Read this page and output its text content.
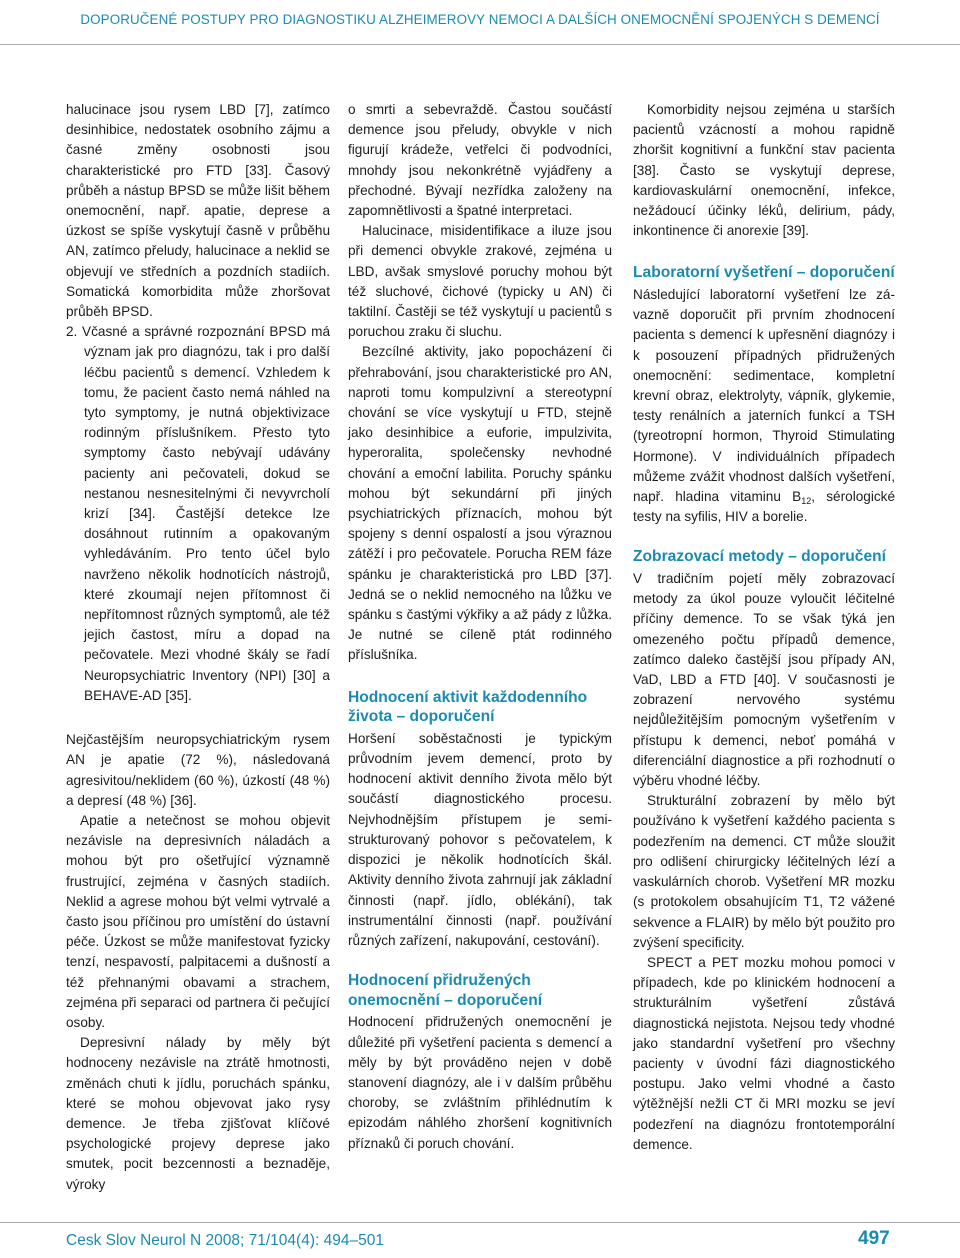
DOPORUČENÉ POSTUPY PRO DIAGNOSTIKU ALZHEIMEROVY NEMOCI A DALŠÍCH ONEMOCNĚNÍ SPOJENÝCH S DEMENCÍ

halucinace jsou rysem LBD [7], zatímco desinhibice, nedostatek osobního zájmu a časné změny osobnosti jsou charakteristické pro FTD [33]. Časový průběh a nástup BPSD se může lišit během onemocnění, např. apatie, deprese a úzkost se spíše vyskytují časně v průběhu AN, zatímco přeludy, halucinace a neklid se objevují ve středních a pozdních stadiích. Somatická komorbidita může zhoršovat průběh BPSD.

2. Včasné a správné rozpoznání BPSD má význam jak pro diagnózu, tak i pro další léčbu pacientů s demencí. Vzhledem k tomu, že pacient často nemá náhled na tyto symptomy, je nutná objektivizace rodinným příslušníkem. Přesto tyto symptomy často nebývají udávány pacienty ani pečovateli, dokud se nestanou nesnesitelnými či nevyvrcholí krizí [34]. Častější detekce lze dosáhnout rutinním a opakovaným vyhledáváním. Pro tento účel bylo navrženo několik hodnotících nástrojů, které zkoumají nejen přítomnost či nepřítomnost různých symptomů, ale též jejich častost, míru a dopad na pečovatele. Mezi vhodné škály se řadí Neuropsychiatric Inventory (NPI) [30] a BEHAVE-AD [35].

Nejčastějším neuropsychiatrickým rysem AN je apatie (72 %), následovaná agresivitou/neklidem (60 %), úzkostí (48 %) a depresí (48 %) [36].

Apatie a netečnost se mohou objevit nezávisle na depresivních náladách a mohou být pro ošetřující významně frustrující, zejména v časných stadiích. Neklid a agrese mohou být velmi vytrvalé a často jsou příčinou pro umístění do ústavní péče. Úzkost se může manifestovat fyzicky tenzí, nespavostí, palpitacemi a dušností a též přehnanými obavami a strachem, zejména při separaci od partnera či pečující osoby.

Depresivní nálady by měly být hodnoceny nezávisle na ztrátě hmotnosti, změnách chuti k jídlu, poruchách spánku, které se mohou objevovat jako rysy demence. Je třeba zjišťovat klíčové psychologické projevy deprese jako smutek, pocit bezcennosti a beznaděje, výroky

o smrti a sebevraždě. Častou součástí demence jsou přeludy, obvykle v nich figurují krádeže, vetřelci či podvodníci, mnohdy jsou nekonkrétně vyjádřeny a přechodné. Bývají nezřídka založeny na zapomnětlivosti a špatné interpretaci.

Halucinace, misidentifikace a iluze jsou při demenci obvykle zrakové, zejména u LBD, avšak smyslové poruchy mohou být též sluchové, čichové (typicky u AN) či taktilní. Častěji se též vyskytují u pacientů s poruchou zraku či sluchu.

Bezcílné aktivity, jako popocházení či přehrabování, jsou charakteristické pro AN, naproti tomu kompulzivní a stereotypní chování se více vyskytují u FTD, stejně jako desinhibice a euforie, impulzivita, hyperoralita, společensky nevhodné chování a emoční labilita. Poruchy spánku mohou být sekundární při jiných psychiatrických příznacích, mohou být spojeny s denní ospalostí a jsou výraznou zátěží i pro pečovatele. Porucha REM fáze spánku je charakteristická pro LBD [37]. Jedná se o neklid nemocného na lůžku ve spánku s častými výkřiky a až pády z lůžka. Je nutné se cíleně ptát rodinného příslušníka.

Hodnocení aktivit každodenního života – doporučení

Horšení soběstačnosti je typickým průvodním jevem demencí, proto by hodnocení aktivit denního života mělo být součástí diagnostického procesu. Nejvhodnějším přístupem je semi-strukturovaný pohovor s pečovatelem, k dispozici je několik hodnotících škál. Aktivity denního života zahrnují jak základní činnosti (např. jídlo, oblékání), tak instrumentální činnosti (např. používání různých zařízení, nakupování, cestování).

Hodnocení přidružených onemocnění – doporučení

Hodnocení přidružených onemocnění je důležité při vyšetření pacienta s demencí a měly by být prováděno nejen v době stanovení diagnózy, ale i v dalším průběhu choroby, se zvláštním přihlédnutím k epizodám náhlého zhoršení kognitivních příznaků či poruch chování.

Komorbidity nejsou zejména u starších pacientů vzácností a mohou rapidně zhoršit kognitivní a funkční stav pacienta [38]. Často se vyskytují deprese, kardiovaskulární onemocnění, infekce, nežádoucí účinky léků, delirium, pády, inkontinence či anorexie [39].

Laboratorní vyšetření – doporučení

Následující laboratorní vyšetření lze závazně doporučit při prvním zhodnocení pacienta s demencí k upřesnění diagnózy i k posouzení případných přidružených onemocnění: sedimentace, kompletní krevní obraz, elektrolyty, vápník, glykemie, testy renálních a jaterních funkcí a TSH (tyreotropní hormon, Thyroid Stimulating Hormone). V individuálních případech můžeme zvážit vhodnost dalších vyšetření, např. hladina vitaminu $B_{12}$, sérologické testy na syfilis, HIV a borelie.

Zobrazovací metody – doporučení

V tradičním pojetí měly zobrazovací metody za úkol pouze vyloučit léčitelné příčiny demence. To se však týká jen omezeného počtu případů demence, zatímco daleko častější jsou případy AN, VaD, LBD a FTD [40]. V současnosti je zobrazení nervového systému nejdůležitějším pomocným vyšetřením v přístupu k demenci, neboť pomáhá v diferenciální diagnostice a při rozhodnutí o výběru vhodné léčby.

Strukturální zobrazení by mělo být používáno k vyšetření každého pacienta s podezřením na demenci. CT může sloužit pro odlišení chirurgicky léčitelných lézí a vaskulárních chorob. Vyšetření MR mozku (s protokolem obsahujícím T1, T2 vážené sekvence a FLAIR) by mělo být použito pro zvýšení specificity.

SPECT a PET mozku mohou pomoci v případech, kde po klinickém hodnocení a strukturálním vyšetření zůstává diagnostická nejistota. Nejsou tedy vhodné jako standardní vyšetření pro všechny pacienty v úvodní fázi diagnostického postupu. Jako velmi vhodné a často výtěžnější nežli CT či MRI mozku se jeví podezření na diagnózu frontotemporální demence.

Cesk Slov Neurol N 2008; 71/104(4): 494–501	497
